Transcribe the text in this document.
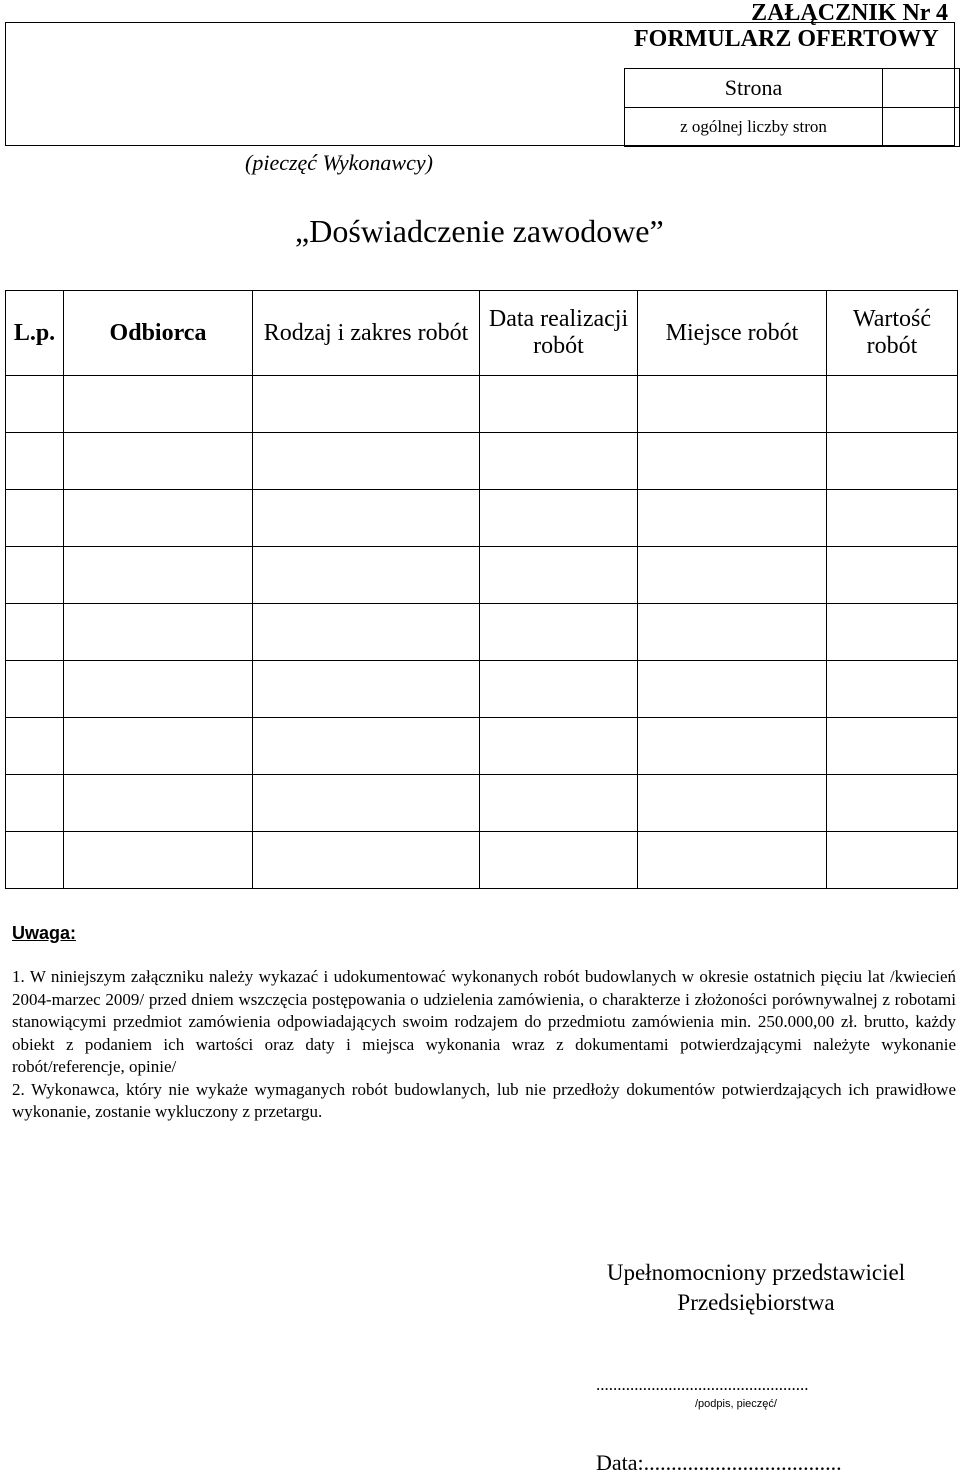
ZAŁĄCZNIK Nr 4
FORMULARZ OFERTOWY
Strona	
z ogólnej liczby stron	
(pieczęć Wykonawcy)
„Doświadczenie zawodowe”
L.p.	Odbiorca	Rodzaj i zakres robót	Data realizacji robót	Miejsce robót	Wartość robót

Uwaga:

1. W niniejszym załączniku należy wykazać i udokumentować wykonanych robót budowlanych w okresie ostatnich pięciu lat /kwiecień 2004-marzec 2009/ przed dniem wszczęcia postępowania o udzielenia zamówienia, o charakterze i złożoności porównywalnej z robotami stanowiącymi przedmiot zamówienia odpowiadających swoim rodzajem do przedmiotu zamówienia min. 250.000,00 zł. brutto, każdy obiekt z podaniem ich wartości oraz daty i miejsca wykonania wraz z dokumentami potwierdzającymi należyte wykonanie robót/referencje, opinie/

2. Wykonawca, który nie wykaże wymaganych robót budowlanych, lub nie przedłoży dokumentów potwierdzających ich prawidłowe wykonanie, zostanie wykluczony z przetargu.

Upełnomocniony przedstawiciel
Przedsiębiorstwa
..................................................
/podpis, pieczęć/
Data:....................................
